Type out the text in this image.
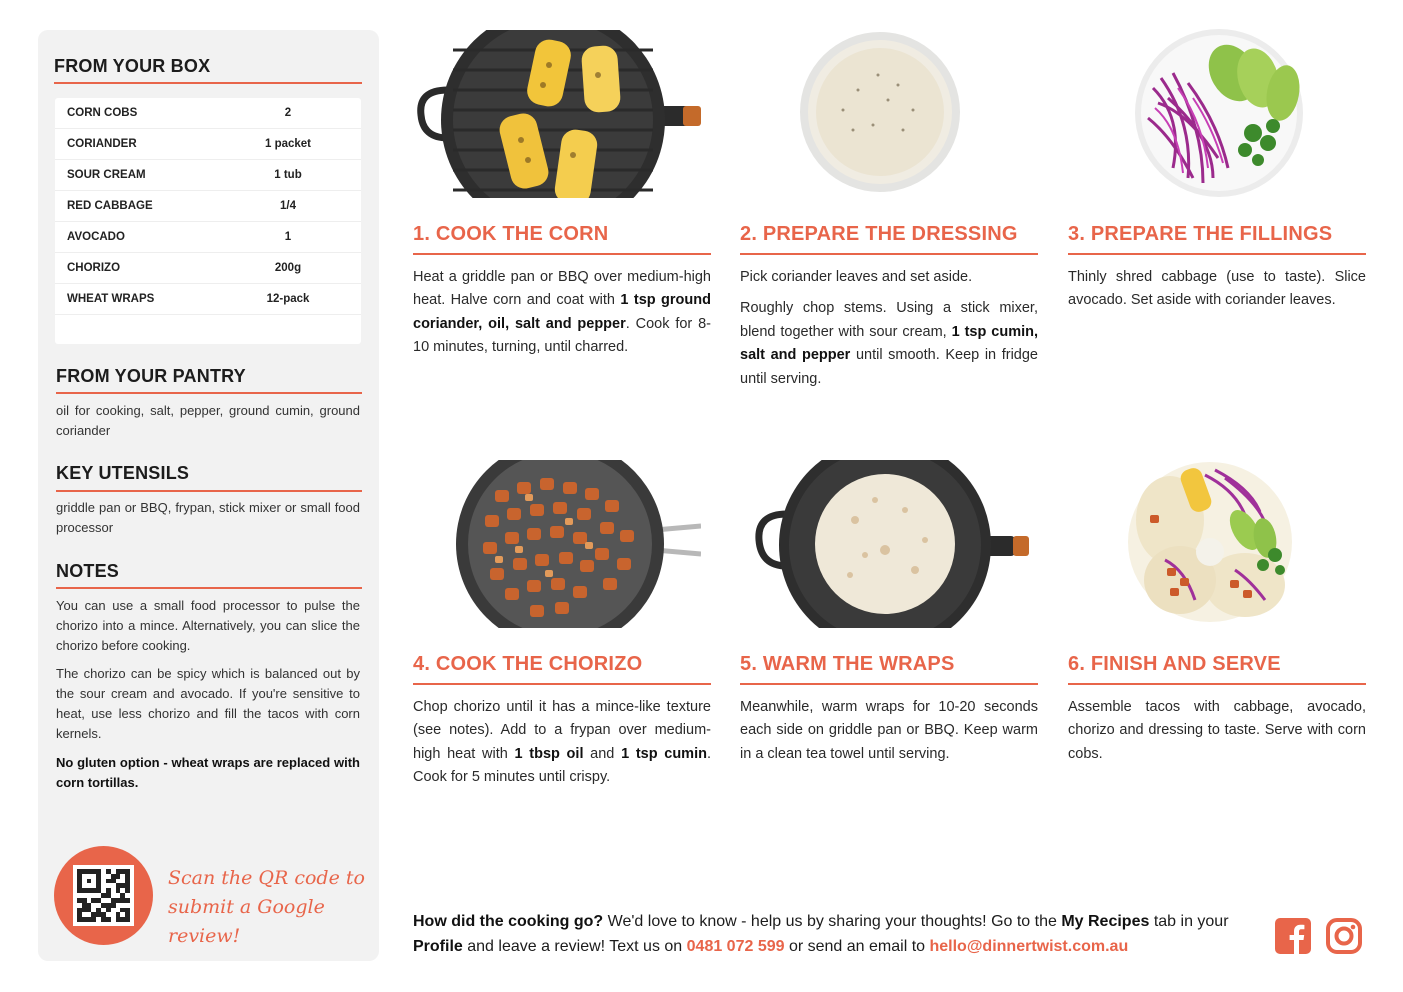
FROM YOUR BOX
CORN COBS	2
CORIANDER	1 packet
SOUR CREAM	1 tub
RED CABBAGE	1/4
AVOCADO	1
CHORIZO	200g
WHEAT WRAPS	12-pack
FROM YOUR PANTRY
oil for cooking, salt, pepper, ground cumin, ground coriander
KEY UTENSILS
griddle pan or BBQ, frypan, stick mixer or small food processor
NOTES
You can use a small food processor to pulse the chorizo into a mince. Alternatively, you can slice the chorizo before cooking.
The chorizo can be spicy which is balanced out by the sour cream and avocado. If you're sensitive to heat, use less chorizo and fill the tacos with corn kernels.
No gluten option - wheat wraps are replaced with corn tortillas.
Scan the QR code to submit a Google review!
1. COOK THE CORN

Heat a griddle pan or BBQ over medium-high heat. Halve corn and coat with 1 tsp ground coriander, oil, salt and pepper. Cook for 8-10 minutes, turning, until charred.

2. PREPARE THE DRESSING

Pick coriander leaves and set aside.

Roughly chop stems. Using a stick mixer, blend together with sour cream, 1 tsp cumin, salt and pepper until smooth. Keep in fridge until serving.

3. PREPARE THE FILLINGS

Thinly shred cabbage (use to taste). Slice avocado. Set aside with coriander leaves.

4. COOK THE CHORIZO

Chop chorizo until it has a mince-like texture (see notes). Add to a frypan over medium-high heat with 1 tbsp oil and 1 tsp cumin. Cook for 5 minutes until crispy.

5. WARM THE WRAPS

Meanwhile, warm wraps for 10-20 seconds each side on griddle pan or BBQ. Keep warm in a clean tea towel until serving.

6. FINISH AND SERVE

Assemble tacos with cabbage, avocado, chorizo and dressing to taste. Serve with corn cobs.

How did the cooking go? We'd love to know - help us by sharing your thoughts! Go to the My Recipes tab in your Profile and leave a review! Text us on 0481 072 599 or send an email to hello@dinnertwist.com.au
